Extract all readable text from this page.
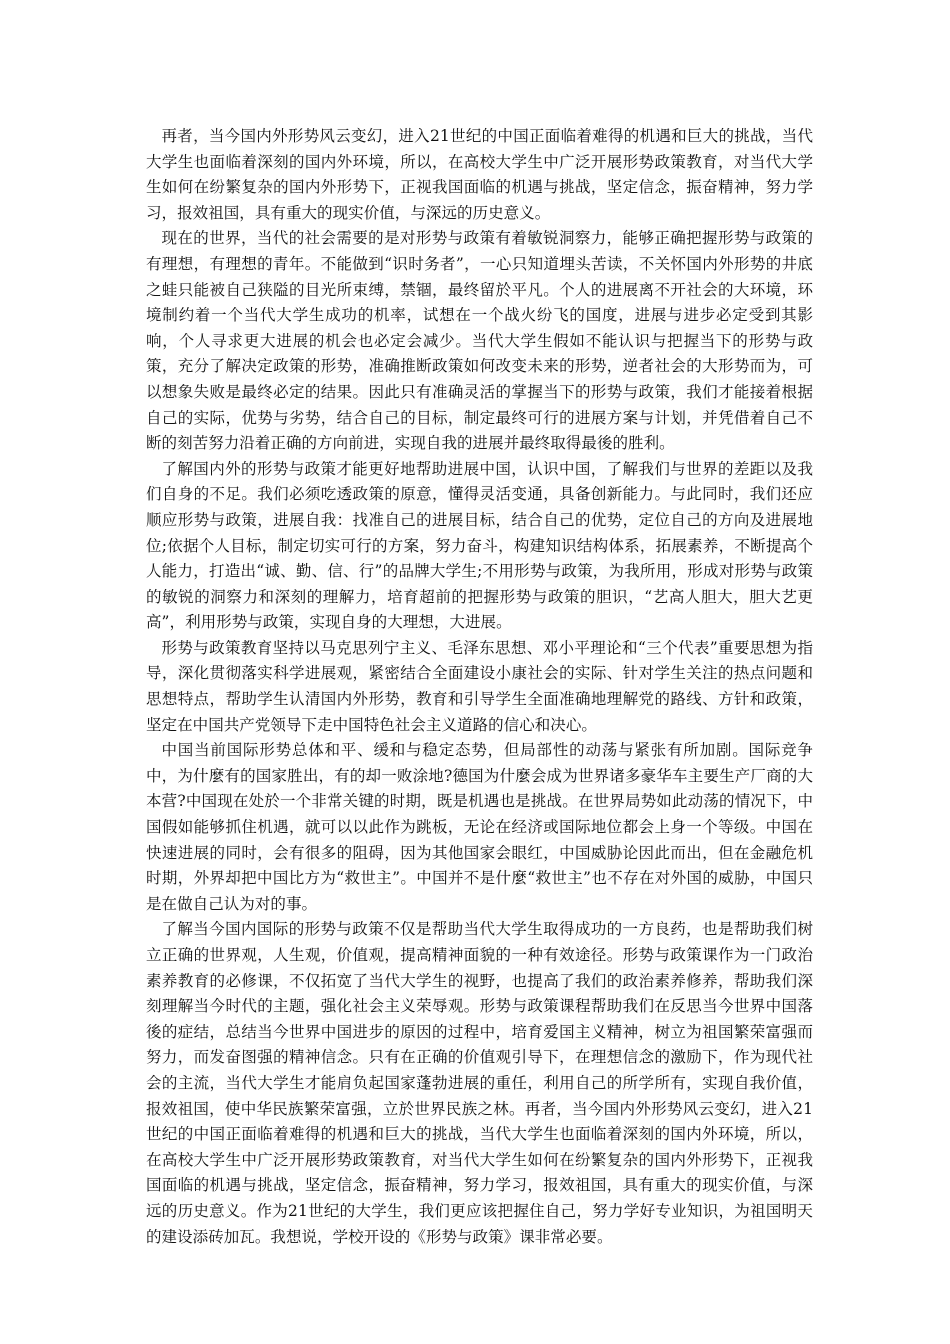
再者，当今国内外形势风云变幻，进入21世纪的中国正面临着难得的机遇和巨大的挑战，当代大学生也面临着深刻的国内外环境，所以，在高校大学生中广泛开展形势政策教育，对当代大学生如何在纷繁复杂的国内外形势下，正视我国面临的机遇与挑战，坚定信念，振奋精神，努力学习，报效祖国，具有重大的现实价值，与深远的历史意义。

现在的世界，当代的社会需要的是对形势与政策有着敏锐洞察力，能够正确把握形势与政策的有理想，有理想的青年。不能做到“识时务者”，一心只知道埋头苦读，不关怀国内外形势的井底之蛙只能被自己狭隘的目光所束缚，禁锢，最终留於平凡。个人的进展离不开社会的大环境，环境制约着一个当代大学生成功的机率，试想在一个战火纷飞的国度，进展与进步必定受到其影响，个人寻求更大进展的机会也必定会减少。当代大学生假如不能认识与把握当下的形势与政策，充分了解决定政策的形势，准确推断政策如何改变未来的形势，逆者社会的大形势而为，可以想象失败是最终必定的结果。因此只有准确灵活的掌握当下的形势与政策，我们才能接着根据自己的实际，优势与劣势，结合自己的目标，制定最终可行的进展方案与计划，并凭借着自己不断的刻苦努力沿着正确的方向前进，实现自我的进展并最终取得最後的胜利。

了解国内外的形势与政策才能更好地帮助进展中国，认识中国，了解我们与世界的差距以及我们自身的不足。我们必须吃透政策的原意，懂得灵活变通，具备创新能力。与此同时，我们还应顺应形势与政策，进展自我：找准自己的进展目标，结合自己的优势，定位自己的方向及进展地位;依据个人目标，制定切实可行的方案，努力奋斗，构建知识结构体系，拓展素养，不断提高个人能力，打造出“诚、勤、信、行”的品牌大学生;不用形势与政策，为我所用，形成对形势与政策的敏锐的洞察力和深刻的理解力，培育超前的把握形势与政策的胆识，“艺高人胆大，胆大艺更高”，利用形势与政策，实现自身的大理想，大进展。

形势与政策教育坚持以马克思列宁主义、毛泽东思想、邓小平理论和“三个代表”重要思想为指导，深化贯彻落实科学进展观，紧密结合全面建设小康社会的实际、针对学生关注的热点问题和思想特点，帮助学生认清国内外形势，教育和引导学生全面准确地理解党的路线、方针和政策，坚定在中国共产党领导下走中国特色社会主义道路的信心和决心。

中国当前国际形势总体和平、缓和与稳定态势，但局部性的动荡与紧张有所加剧。国际竞争中，为什麼有的国家胜出，有的却一败涂地?德国为什麼会成为世界诸多豪华车主要生产厂商的大本营?中国现在处於一个非常关键的时期，既是机遇也是挑战。在世界局势如此动荡的情况下，中国假如能够抓住机遇，就可以以此作为跳板，无论在经济或国际地位都会上身一个等级。中国在快速进展的同时，会有很多的阻碍，因为其他国家会眼红，中国威胁论因此而出，但在金融危机时期，外界却把中国比方为“救世主”。中国并不是什麼“救世主”也不存在对外国的威胁，中国只是在做自己认为对的事。

了解当今国内国际的形势与政策不仅是帮助当代大学生取得成功的一方良药，也是帮助我们树立正确的世界观，人生观，价值观，提高精神面貌的一种有效途径。形势与政策课作为一门政治素养教育的必修课，不仅拓宽了当代大学生的视野，也提高了我们的政治素养修养，帮助我们深刻理解当今时代的主题，强化社会主义荣辱观。形势与政策课程帮助我们在反思当今世界中国落後的症结，总结当今世界中国进步的原因的过程中，培育爱国主义精神，树立为祖国繁荣富强而努力，而发奋图强的精神信念。只有在正确的价值观引导下，在理想信念的激励下，作为现代社会的主流，当代大学生才能肩负起国家蓬勃进展的重任，利用自己的所学所有，实现自我价值，报效祖国，使中华民族繁荣富强，立於世界民族之林。再者，当今国内外形势风云变幻，进入21世纪的中国正面临着难得的机遇和巨大的挑战，当代大学生也面临着深刻的国内外环境，所以，在高校大学生中广泛开展形势政策教育，对当代大学生如何在纷繁复杂的国内外形势下，正视我国面临的机遇与挑战，坚定信念，振奋精神，努力学习，报效祖国，具有重大的现实价值，与深远的历史意义。作为21世纪的大学生，我们更应该把握住自己，努力学好专业知识，为祖国明天的建设添砖加瓦。我想说，学校开设的《形势与政策》课非常必要。
